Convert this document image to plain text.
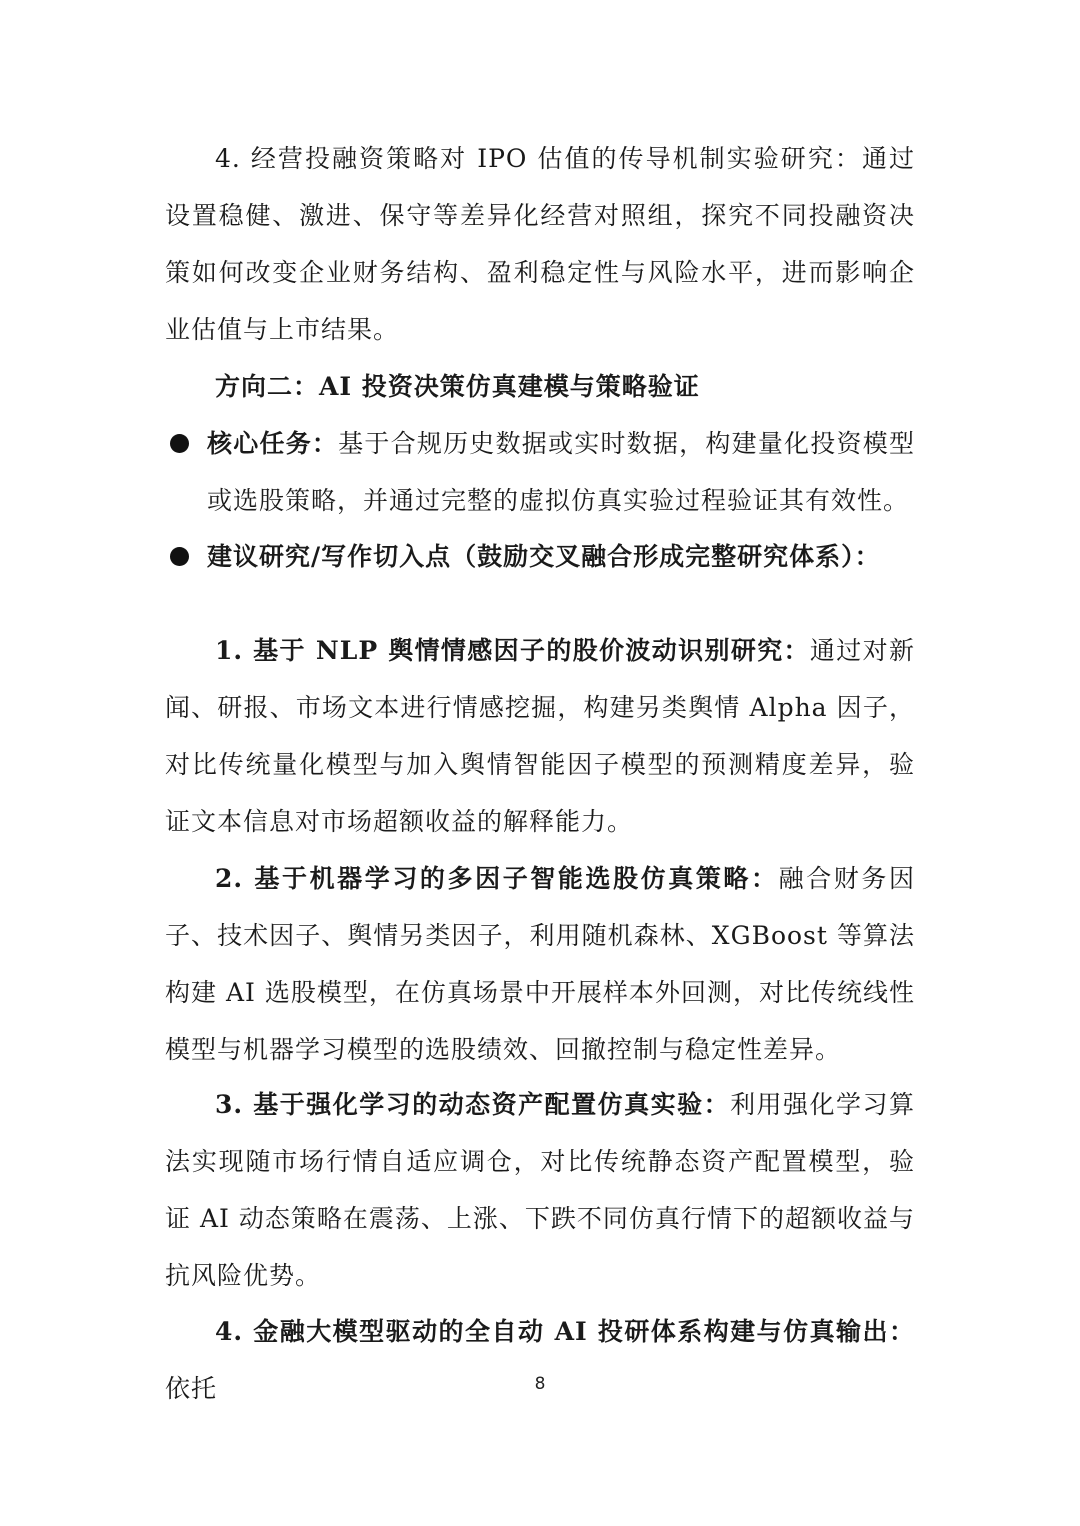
4. 经营投融资策略对 IPO 估值的传导机制实验研究：通过设置稳健、激进、保守等差异化经营对照组，探究不同投融资决策如何改变企业财务结构、盈利稳定性与风险水平，进而影响企业估值与上市结果。

方向二：AI 投资决策仿真建模与策略验证

核心任务：基于合规历史数据或实时数据，构建量化投资模型或选股策略，并通过完整的虚拟仿真实验过程验证其有效性。
建议研究/写作切入点（鼓励交叉融合形成完整研究体系）：

1. 基于 NLP 舆情情感因子的股价波动识别研究：通过对新闻、研报、市场文本进行情感挖掘，构建另类舆情 Alpha 因子，对比传统量化模型与加入舆情智能因子模型的预测精度差异，验证文本信息对市场超额收益的解释能力。

2. 基于机器学习的多因子智能选股仿真策略：融合财务因子、技术因子、舆情另类因子，利用随机森林、XGBoost 等算法构建 AI 选股模型，在仿真场景中开展样本外回测，对比传统线性模型与机器学习模型的选股绩效、回撤控制与稳定性差异。

3. 基于强化学习的动态资产配置仿真实验：利用强化学习算法实现随市场行情自适应调仓，对比传统静态资产配置模型，验证 AI 动态策略在震荡、上涨、下跌不同仿真行情下的超额收益与抗风险优势。

4. 金融大模型驱动的全自动 AI 投研体系构建与仿真输出：依托	8
